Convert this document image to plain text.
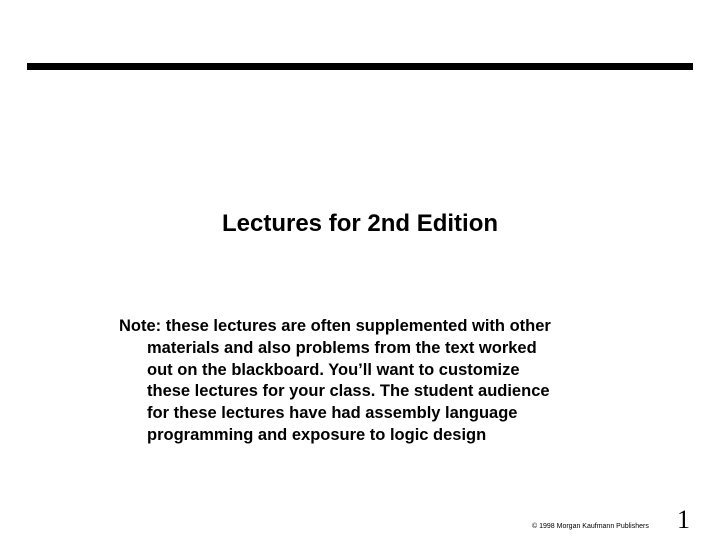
Lectures for 2nd Edition
Note: these lectures are often supplemented with other
materials and also problems from the text worked
out on the blackboard. You’ll want to customize
these lectures for your class. The student audience
for these lectures have had assembly language
programming and exposure to logic design
© 1998 Morgan Kaufmann Publishers 1
